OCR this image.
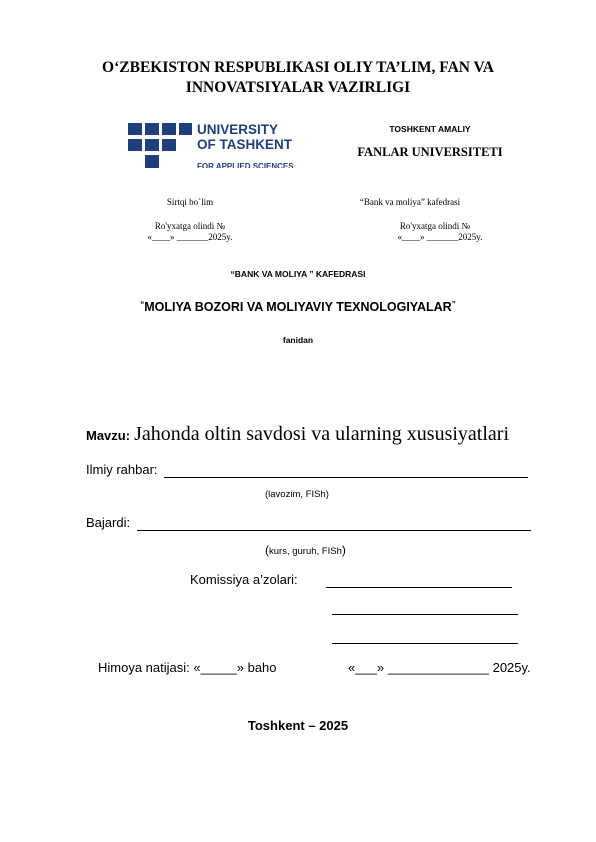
O‘ZBEKISTON RESPUBLIKASI OLIY TA’LIM, FAN VA
INNOVATSIYALAR VAZIRLIGI
UNIVERSITY
OF TASHKENT
FOR APPLIED SCIENCES
TOSHKENT AMALIY
FANLAR UNIVERSITETI
Sirtqi bo`lim
Ro'yxatga olindi №
«____» _______2025y.
“Bank va moliya” kafedrasi
Ro'yxatga olindi №
«____» _______2025y.
“BANK VA MOLIYA ” KAFEDRASI
“MOLIYA BOZORI VA MOLIYAVIY TEXNOLOGIYALAR”
fanidan
Mavzu: Jahonda oltin savdosi va ularning xususiyatlari
Ilmiy rahbar:
(lavozim, FISh)
Bajardi:
(kurs, guruh, FISh)
Komissiya a’zolari:
Himoya natijasi: «_____» baho	«___» ______________ 2025y.
Toshkent – 2025
